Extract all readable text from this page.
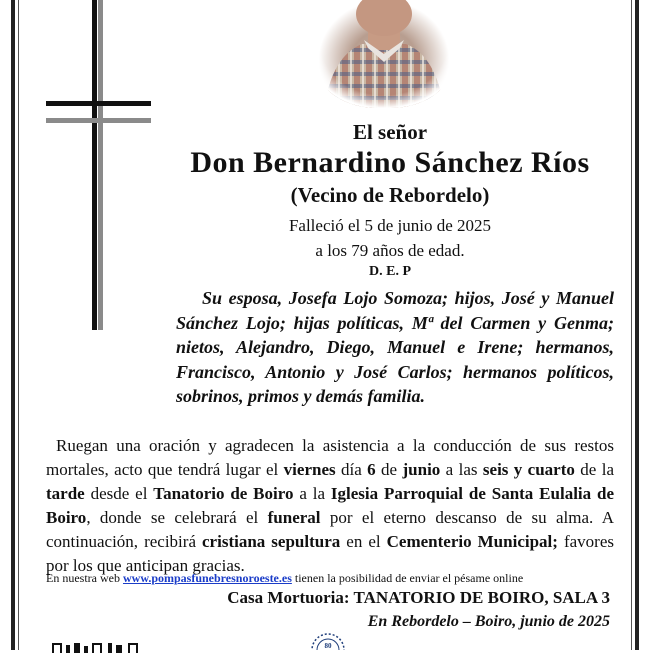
El señor
Don Bernardino Sánchez Ríos
(Vecino de Rebordelo)
Falleció el 5 de junio de 2025
a los 79 años de edad.
D. E. P
Su esposa, Josefa Lojo Somoza; hijos, José y Manuel Sánchez Lojo; hijas políticas, Mª del Carmen y Genma; nietos, Alejandro, Diego, Manuel e Irene; hermanos, Francisco, Antonio y José Carlos; hermanos políticos, sobrinos, primos y demás familia.
Ruegan una oración y agradecen la asistencia a la conducción de sus restos mortales, acto que tendrá lugar el viernes día 6 de junio a las seis y cuarto de la tarde desde el Tanatorio de Boiro a la Iglesia Parroquial de Santa Eulalia de Boiro, donde se celebrará el funeral por el eterno descanso de su alma. A continuación, recibirá cristiana sepultura en el Cementerio Municipal; favores por los que anticipan gracias.
En nuestra web www.pompasfunebresnoroeste.es tienen la posibilidad de enviar el pésame online
Casa Mortuoria: TANATORIO DE BOIRO, SALA 3
En Rebordelo – Boiro, junio de 2025
80
